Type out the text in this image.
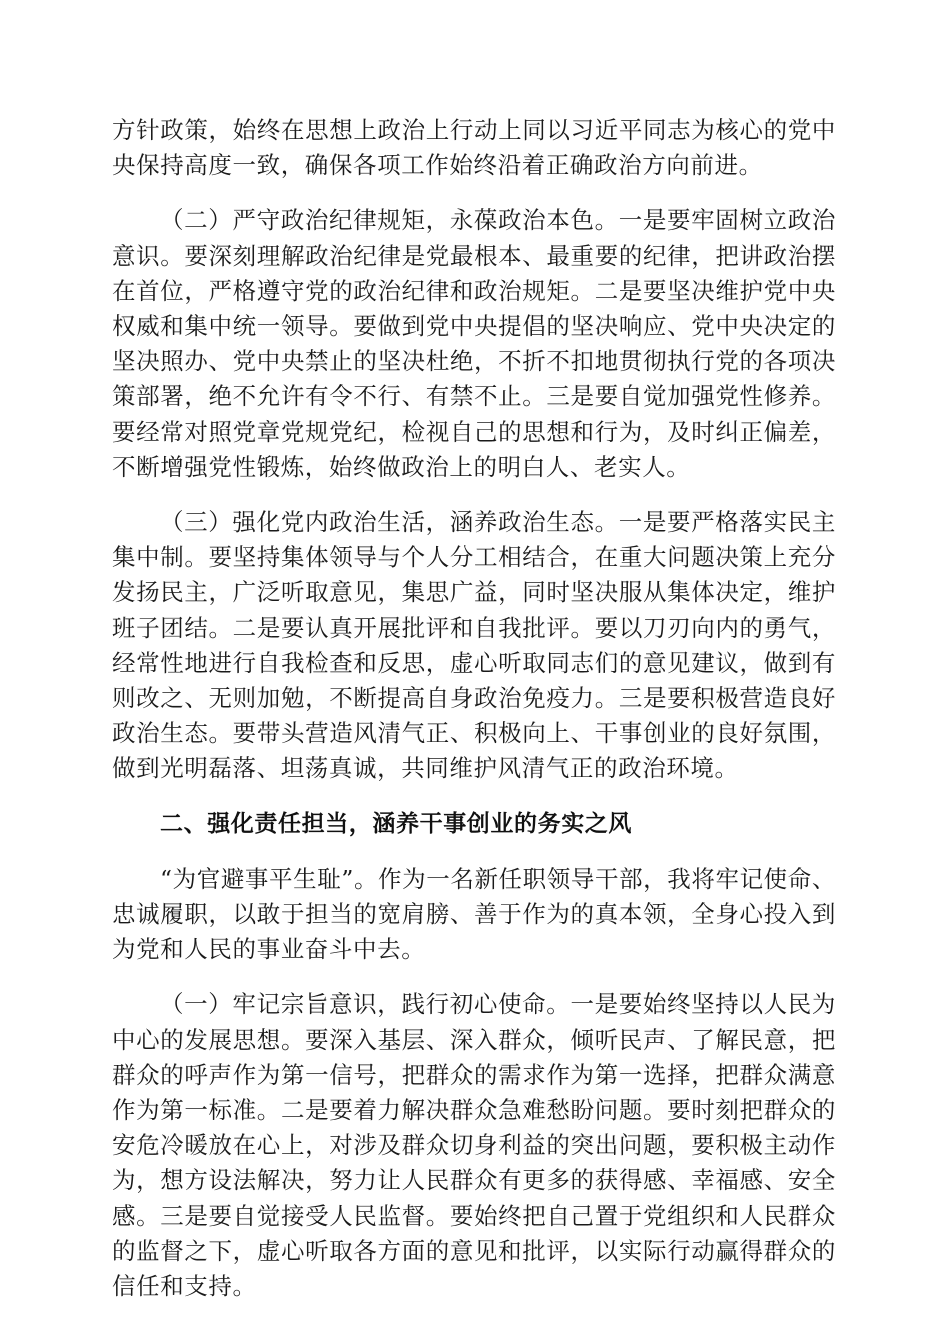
方针政策，始终在思想上政治上行动上同以习近平同志为核心的党中央保持高度一致，确保各项工作始终沿着正确政治方向前进。

（二）严守政治纪律规矩，永葆政治本色。一是要牢固树立政治意识。要深刻理解政治纪律是党最根本、最重要的纪律，把讲政治摆在首位，严格遵守党的政治纪律和政治规矩。二是要坚决维护党中央权威和集中统一领导。要做到党中央提倡的坚决响应、党中央决定的坚决照办、党中央禁止的坚决杜绝，不折不扣地贯彻执行党的各项决策部署，绝不允许有令不行、有禁不止。三是要自觉加强党性修养。要经常对照党章党规党纪，检视自己的思想和行为，及时纠正偏差，不断增强党性锻炼，始终做政治上的明白人、老实人。

（三）强化党内政治生活，涵养政治生态。一是要严格落实民主集中制。要坚持集体领导与个人分工相结合，在重大问题决策上充分发扬民主，广泛听取意见，集思广益，同时坚决服从集体决定，维护班子团结。二是要认真开展批评和自我批评。要以刀刃向内的勇气，经常性地进行自我检查和反思，虚心听取同志们的意见建议，做到有则改之、无则加勉，不断提高自身政治免疫力。三是要积极营造良好政治生态。要带头营造风清气正、积极向上、干事创业的良好氛围，做到光明磊落、坦荡真诚，共同维护风清气正的政治环境。

二、强化责任担当，涵养干事创业的务实之风

“为官避事平生耻”。作为一名新任职领导干部，我将牢记使命、忠诚履职，以敢于担当的宽肩膀、善于作为的真本领，全身心投入到为党和人民的事业奋斗中去。

（一）牢记宗旨意识，践行初心使命。一是要始终坚持以人民为中心的发展思想。要深入基层、深入群众，倾听民声、了解民意，把群众的呼声作为第一信号，把群众的需求作为第一选择，把群众满意作为第一标准。二是要着力解决群众急难愁盼问题。要时刻把群众的安危冷暖放在心上，对涉及群众切身利益的突出问题，要积极主动作为，想方设法解决，努力让人民群众有更多的获得感、幸福感、安全感。三是要自觉接受人民监督。要始终把自己置于党组织和人民群众的监督之下，虚心听取各方面的意见和批评，以实际行动赢得群众的信任和支持。
